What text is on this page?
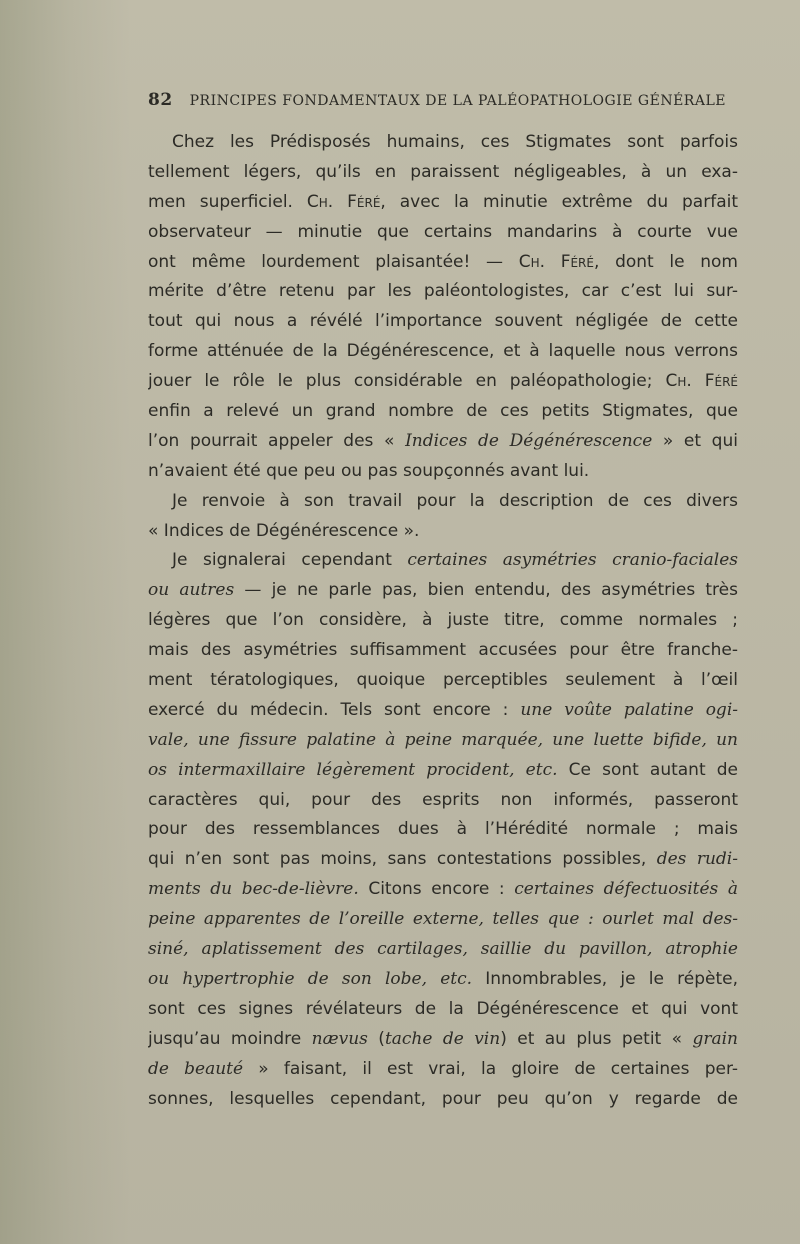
82 PRINCIPES FONDAMENTAUX DE LA PALÉOPATHOLOGIE GÉNÉRALE
Chez les Prédisposés humains, ces Stigmates sont parfois
tellement légers, qu’ils en paraissent négligeables, à un exa-
men superficiel. Ch. Féré, avec la minutie extrême du parfait
observateur — minutie que certains mandarins à courte vue
ont même lourdement plaisantée! — Ch. Féré, dont le nom
mérite d’être retenu par les paléontologistes, car c’est lui sur-
tout qui nous a révélé l’importance souvent négligée de cette
forme atténuée de la Dégénérescence, et à laquelle nous verrons
jouer le rôle le plus considérable en paléopathologie; Ch. Féré
enfin a relevé un grand nombre de ces petits Stigmates, que
l’on pourrait appeler des « Indices de Dégénérescence » et qui
n’avaient été que peu ou pas soupçonnés avant lui.
Je renvoie à son travail pour la description de ces divers
« Indices de Dégénérescence ».
Je signalerai cependant certaines asymétries cranio-faciales
ou autres — je ne parle pas, bien entendu, des asymétries très
légères que l’on considère, à juste titre, comme normales ;
mais des asymétries suffisamment accusées pour être franche-
ment tératologiques, quoique perceptibles seulement à l’œil
exercé du médecin. Tels sont encore : une voûte palatine ogi-
vale, une fissure palatine à peine marquée, une luette bifide, un
os intermaxillaire légèrement procident, etc. Ce sont autant de
caractères qui, pour des esprits non informés, passeront
pour des ressemblances dues à l’Hérédité normale ; mais
qui n’en sont pas moins, sans contestations possibles, des rudi-
ments du bec-de-lièvre. Citons encore : certaines défectuosités à
peine apparentes de l’oreille externe, telles que : ourlet mal des-
siné, aplatissement des cartilages, saillie du pavillon, atrophie
ou hypertrophie de son lobe, etc. Innombrables, je le répète,
sont ces signes révélateurs de la Dégénérescence et qui vont
jusqu’au moindre nævus (tache de vin) et au plus petit « grain
de beauté » faisant, il est vrai, la gloire de certaines per-
sonnes, lesquelles cependant, pour peu qu’on y regarde de
